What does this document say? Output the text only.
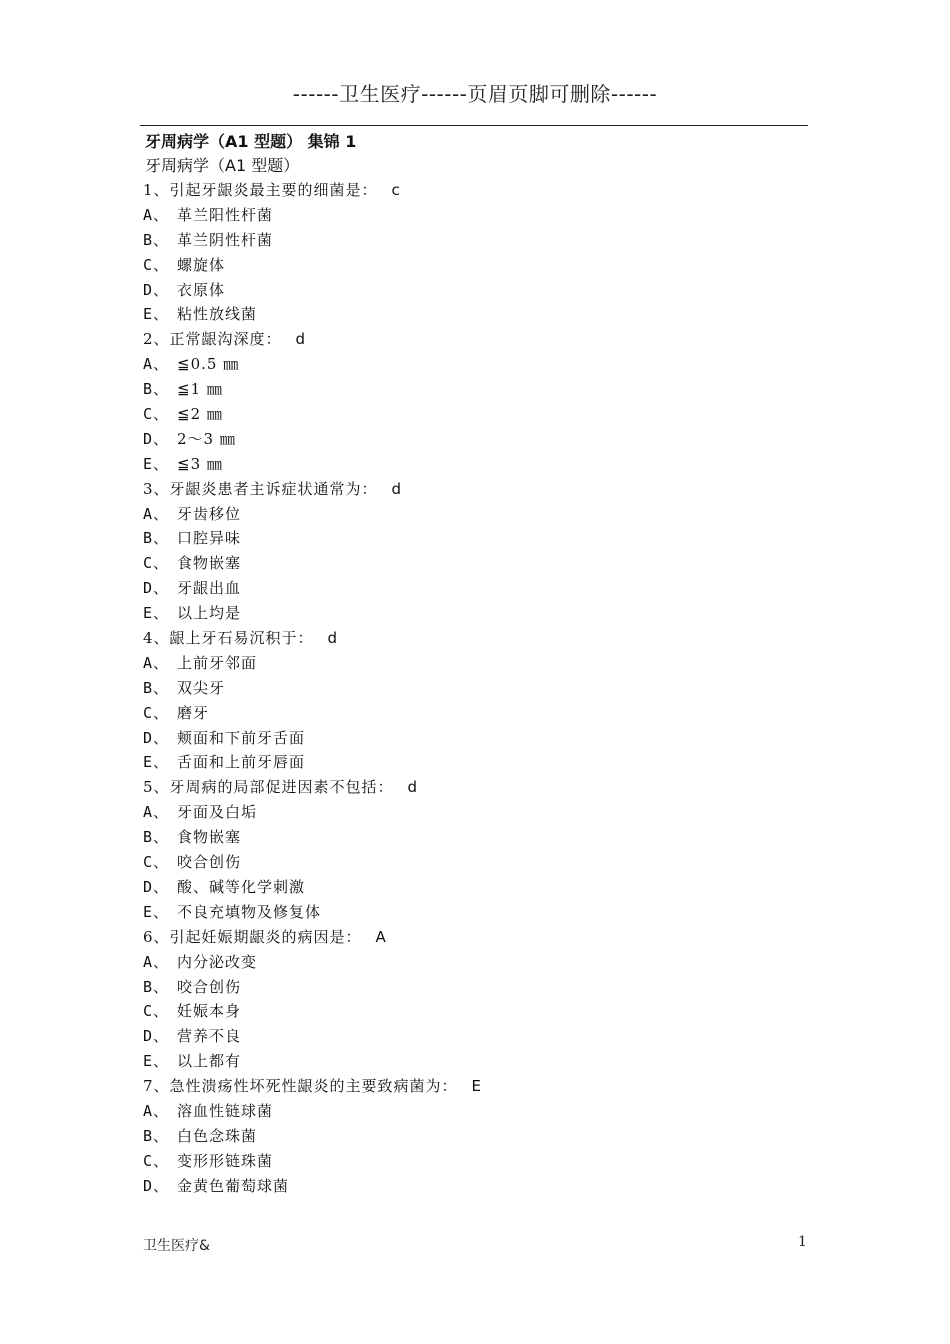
------卫生医疗------页眉页脚可删除------
牙周病学（A1 型题） 集锦 1
牙周病学（A1 型题）
1、引起牙龈炎最主要的细菌是： c
A、 革兰阳性杆菌
B、 革兰阴性杆菌
C、 螺旋体
D、 衣原体
E、 粘性放线菌
2、正常龈沟深度： d
A、 ≦0.5 ㎜
B、 ≦1 ㎜
C、 ≦2 ㎜
D、 2～3 ㎜
E、 ≦3 ㎜
3、牙龈炎患者主诉症状通常为： d
A、 牙齿移位
B、 口腔异味
C、 食物嵌塞
D、 牙龈出血
E、 以上均是
4、龈上牙石易沉积于： d
A、 上前牙邻面
B、 双尖牙
C、 磨牙
D、 颊面和下前牙舌面
E、 舌面和上前牙唇面
5、牙周病的局部促进因素不包括： d
A、 牙面及白垢
B、 食物嵌塞
C、 咬合创伤
D、 酸、碱等化学刺激
E、 不良充填物及修复体
6、引起妊娠期龈炎的病因是： A
A、 内分泌改变
B、 咬合创伤
C、 妊娠本身
D、 营养不良
E、 以上都有
7、急性溃疡性坏死性龈炎的主要致病菌为： E
A、 溶血性链球菌
B、 白色念珠菌
C、 变形形链珠菌
D、 金黄色葡萄球菌
卫生医疗&	1
